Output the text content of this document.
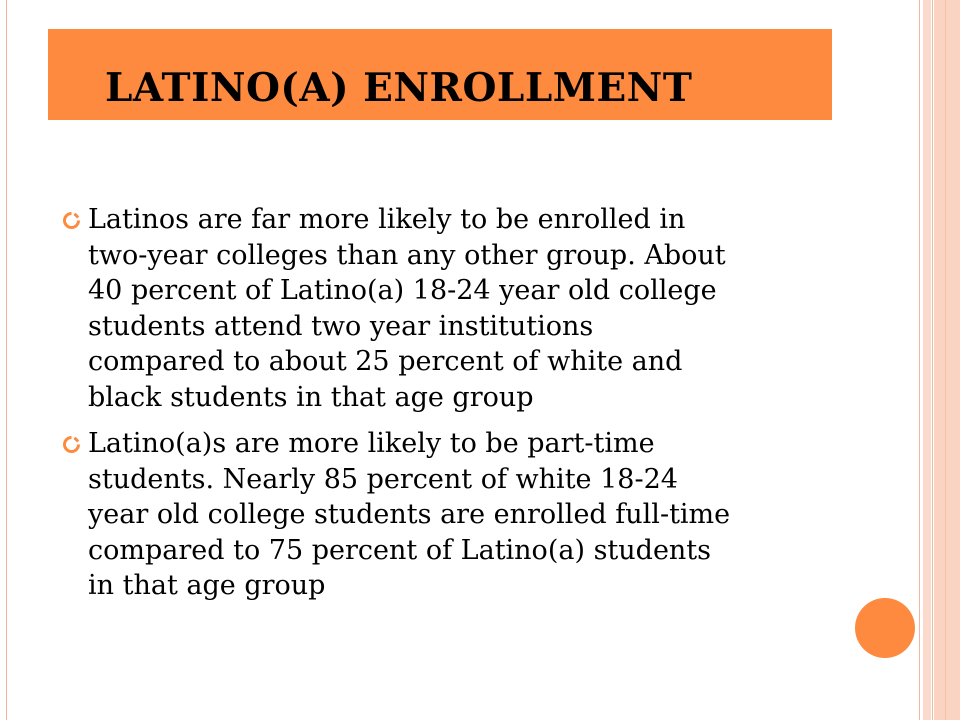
LATINO(A) ENROLLMENT
Latinos are far more likely to be enrolled in
two-year colleges than any other group. About
40 percent of Latino(a) 18-24 year old college
students attend two year institutions
compared to about 25 percent of white and
black students in that age group
Latino(a)s are more likely to be part-time
students. Nearly 85 percent of white 18-24
year old college students are enrolled full-time
compared to 75 percent of Latino(a) students
in that age group
